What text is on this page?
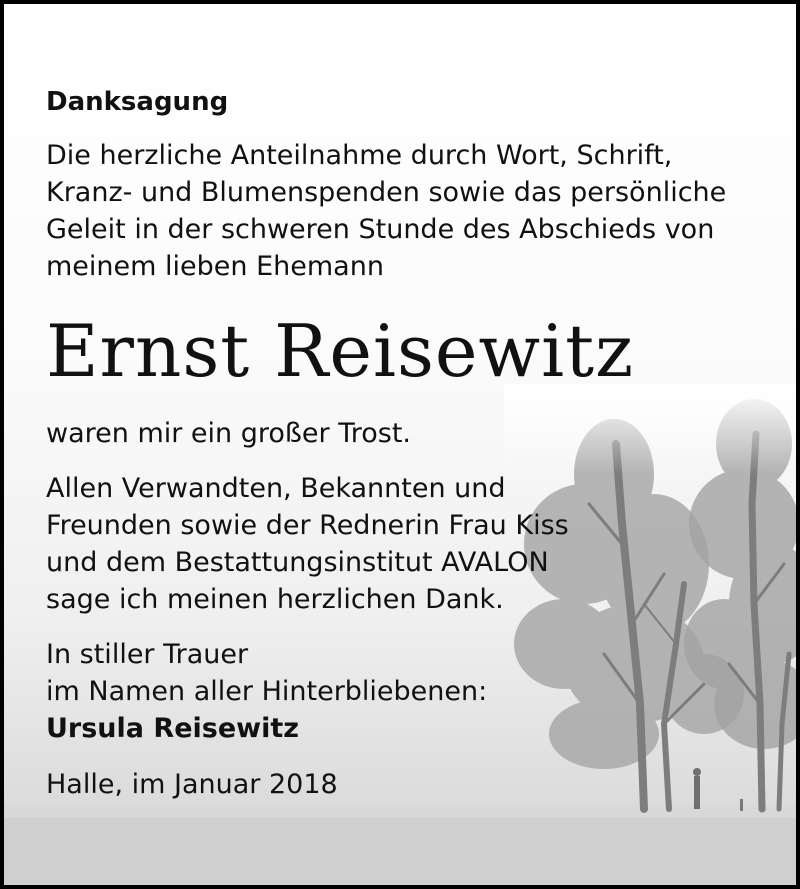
Danksagung
Die herzliche Anteilnahme durch Wort, Schrift,
Kranz- und Blumenspenden sowie das persönliche
Geleit in der schweren Stunde des Abschieds von
meinem lieben Ehemann
Ernst Reisewitz
waren mir ein großer Trost.
Allen Verwandten, Bekannten und
Freunden sowie der Rednerin Frau Kiss
und dem Bestattungsinstitut AVALON
sage ich meinen herzlichen Dank.
In stiller Trauer
im Namen aller Hinterbliebenen:
Ursula Reisewitz
Halle, im Januar 2018
